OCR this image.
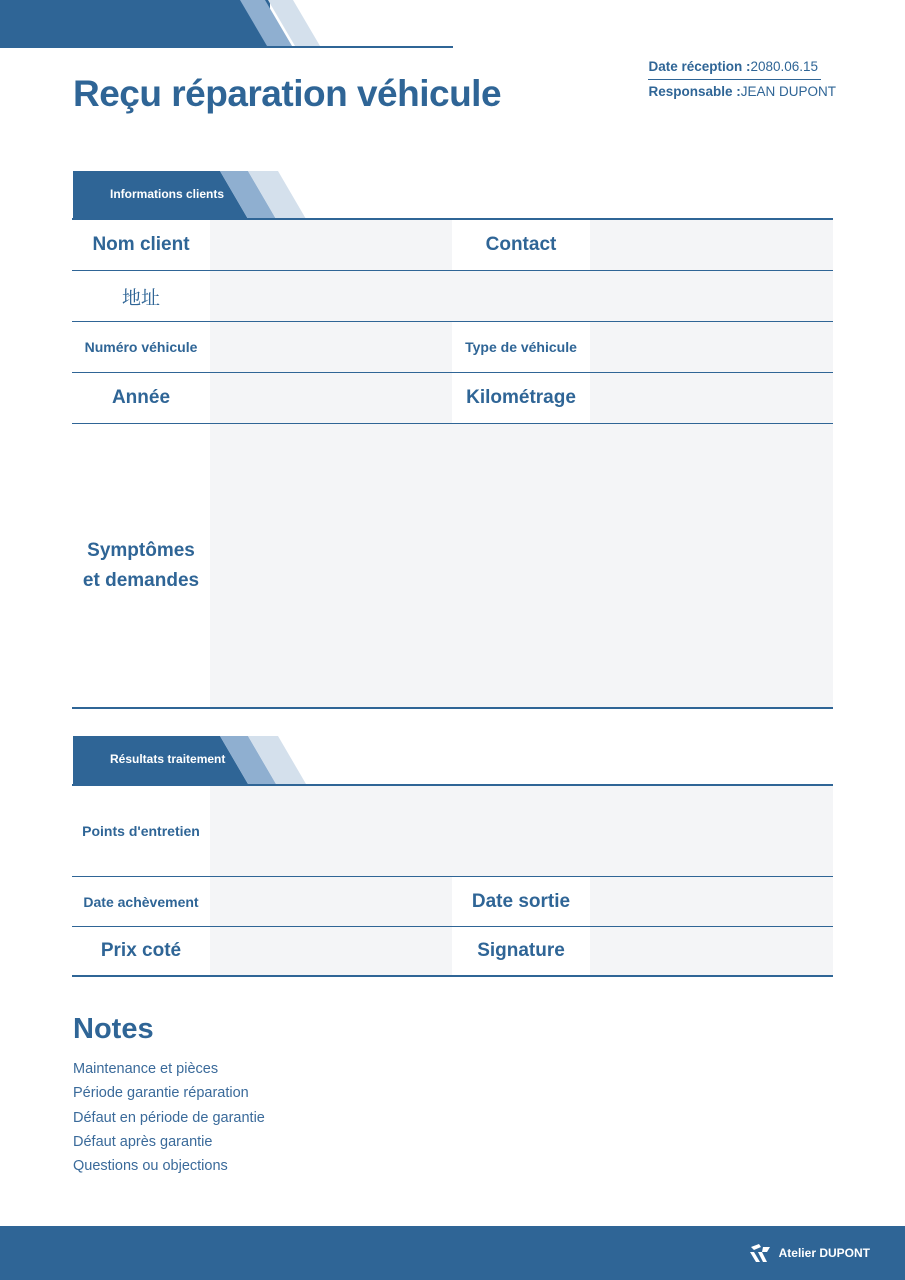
Reçu réparation véhicule
Date réception : 2080.06.15
Responsable : JEAN DUPONT
Informations clients
Nom client	Contact
地址
Numéro véhicule	Type de véhicule
Année	Kilométrage
Symptômes et demandes
Résultats traitement
Points d'entretien
Date achèvement	Date sortie
Prix coté	Signature
Notes
Maintenance et pièces
Période garantie réparation
Défaut en période de garantie
Défaut après garantie
Questions ou objections
Atelier DUPONT
